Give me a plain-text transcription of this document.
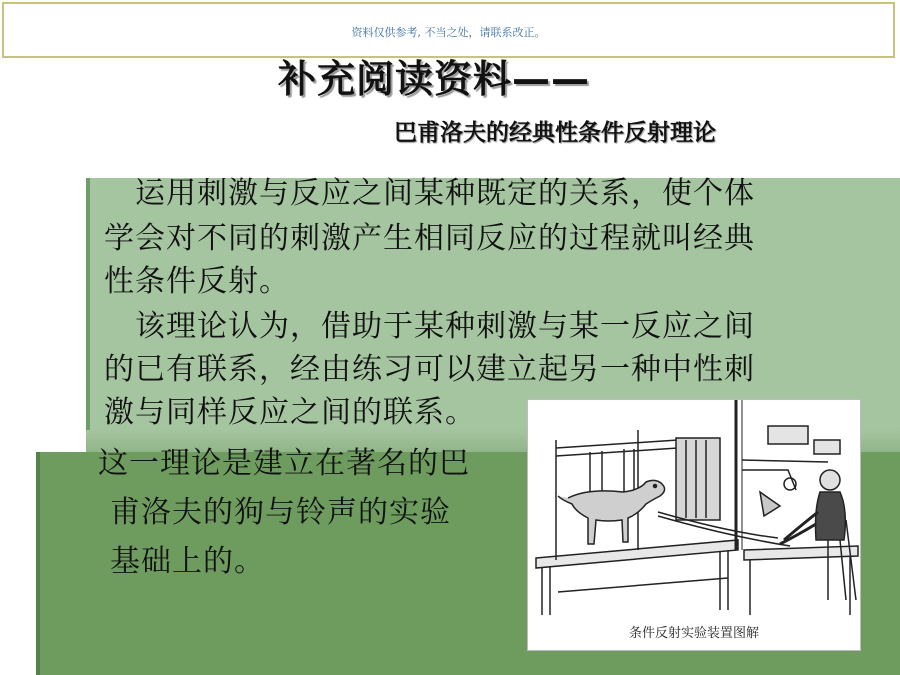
资料仅供参考, 不当之处，请联系改正。
补充阅读资料——
巴甫洛夫的经典性条件反射理论
　运用刺激与反应之间某种既定的关系，使个体
学会对不同的刺激产生相同反应的过程就叫经典
性条件反射。
　该理论认为，借助于某种刺激与某一反应之间
的已有联系，经由练习可以建立起另一种中性刺
激与同样反应之间的联系。
这一理论是建立在著名的巴
甫洛夫的狗与铃声的实验
基础上的。
条件反射实验装置图解
